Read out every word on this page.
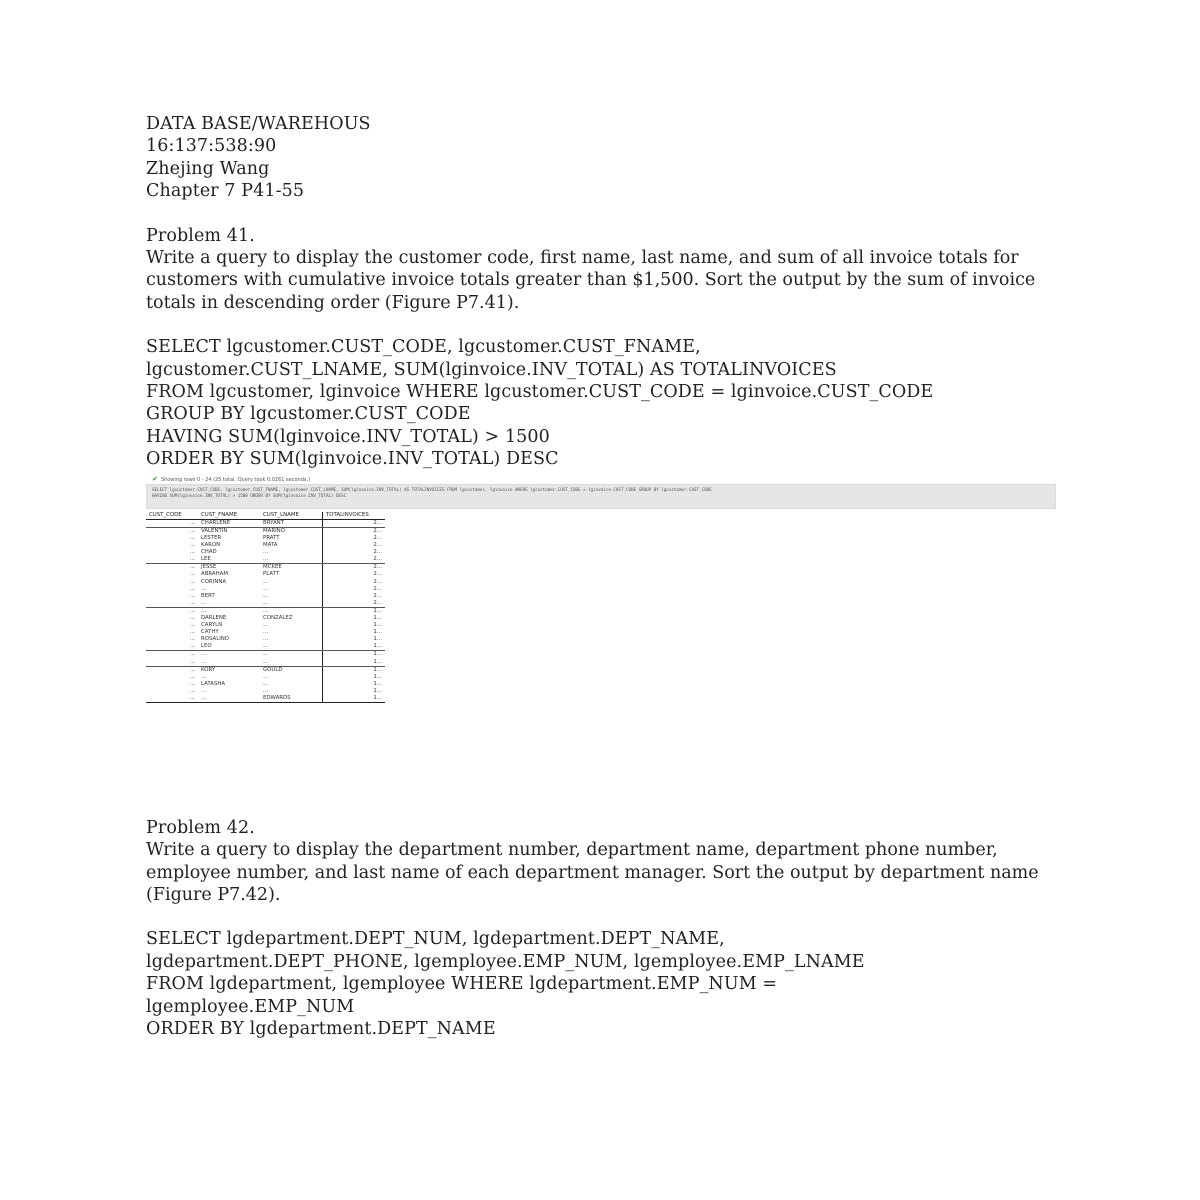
DATA BASE/WAREHOUS
16:137:538:90
Zhejing Wang
Chapter 7 P41-55
Problem 41.
Write a query to display the customer code, first name, last name, and sum of all invoice totals for customers with cumulative invoice totals greater than $1,500. Sort the output by the sum of invoice totals in descending order (Figure P7.41).
SELECT lgcustomer.CUST_CODE, lgcustomer.CUST_FNAME,
lgcustomer.CUST_LNAME, SUM(lginvoice.INV_TOTAL) AS TOTALINVOICES
FROM lgcustomer, lginvoice WHERE lgcustomer.CUST_CODE = lginvoice.CUST_CODE
GROUP BY lgcustomer.CUST_CODE
HAVING SUM(lginvoice.INV_TOTAL) > 1500
ORDER BY SUM(lginvoice.INV_TOTAL) DESC
✔ Showing rows 0 - 24 (25 total, Query took 0.0261 seconds.)
SELECT lgcustomer.CUST_CODE, lgcustomer.CUST_FNAME, lgcustomer.CUST_LNAME, SUM(lginvoice.INV_TOTAL) AS TOTALINVOICES FROM lgcustomer, lginvoice WHERE lgcustomer.CUST_CODE = lginvoice.CUST_CODE GROUP BY lgcustomer.CUST_CODE
HAVING SUM(lginvoice.INV_TOTAL) > 1500 ORDER BY SUM(lginvoice.INV_TOTAL) DESC
CUST_CODE	CUST_FNAME	CUST_LNAME	TOTALINVOICES
...	CHARLENE	BRYANT	2...
...	VALENTIN	MARINO	2...
...	LESTER	PRATT	2...
...	KARON	MATA	2...
...	CHAD	...	2...
...	LEE	...	2...
...	JESSE	MCKEE	2...
...	ABRAHAM	PLATT	2...
...	CORINNA	...	2...
...	...	...	2...
...	BERT	...	2...
...	...	...	2...
...	...	...	1...
...	DARLENE	CONZALEZ	1...
...	CARYLN	...	1...
...	CATHY	...	1...
...	ROSALIND	...	1...
...	LEO	...	1...
...	...	...	1...
...	...	...	1...
...	KORY	GOULD	1...
...	...	...	1...
...	LATASHA	...	1...
...	...	...	1...
...	...	EDWARDS	1...
Problem 42.
Write a query to display the department number, department name, department phone number, employee number, and last name of each department manager. Sort the output by department name (Figure P7.42).
SELECT lgdepartment.DEPT_NUM, lgdepartment.DEPT_NAME,
lgdepartment.DEPT_PHONE, lgemployee.EMP_NUM, lgemployee.EMP_LNAME
FROM lgdepartment, lgemployee WHERE lgdepartment.EMP_NUM =
lgemployee.EMP_NUM
ORDER BY lgdepartment.DEPT_NAME
